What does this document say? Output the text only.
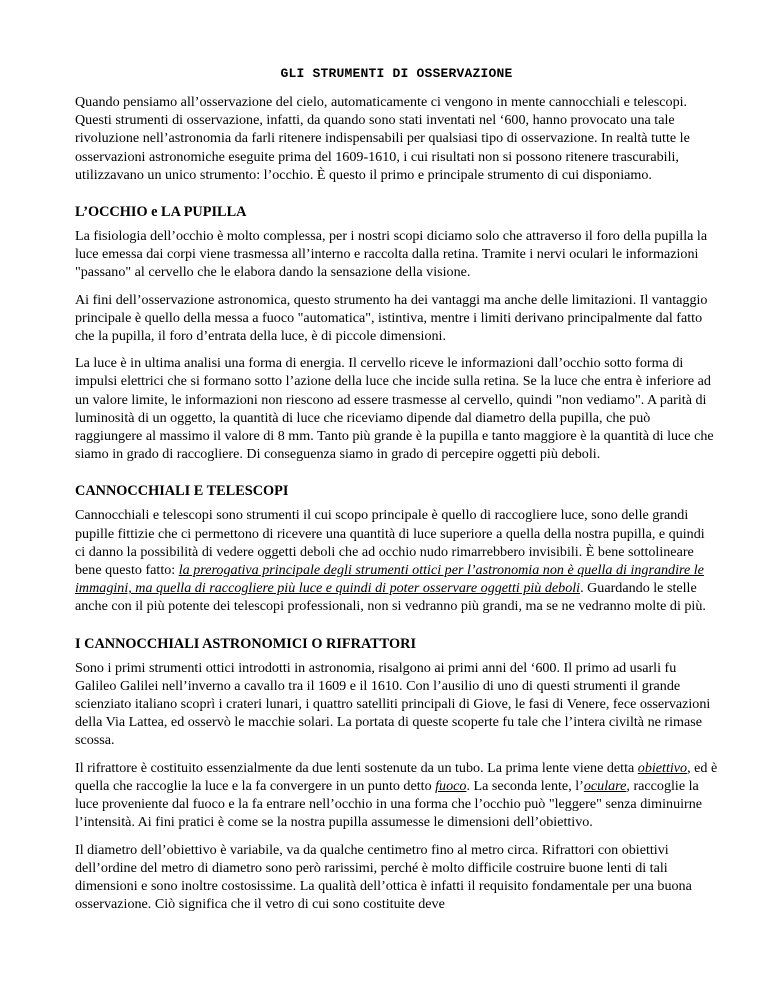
GLI STRUMENTI DI OSSERVAZIONE

Quando pensiamo all’osservazione del cielo, automaticamente ci vengono in mente cannocchiali e telescopi. Questi strumenti di osservazione, infatti, da quando sono stati inventati nel ‘600, hanno provocato una tale rivoluzione nell’astronomia da farli ritenere indispensabili per qualsiasi tipo di osservazione. In realtà tutte le osservazioni astronomiche eseguite prima del 1609-1610, i cui risultati non si possono ritenere trascurabili, utilizzavano un unico strumento: l’occhio. È questo il primo e principale strumento di cui disponiamo.

L’OCCHIO e LA PUPILLA

La fisiologia dell’occhio è molto complessa, per i nostri scopi diciamo solo che attraverso il foro della pupilla la luce emessa dai corpi viene trasmessa all’interno e raccolta dalla retina. Tramite i nervi oculari le informazioni "passano" al cervello che le elabora dando la sensazione della visione.

Ai fini dell’osservazione astronomica, questo strumento ha dei vantaggi ma anche delle limitazioni. Il vantaggio principale è quello della messa a fuoco "automatica", istintiva, mentre i limiti derivano principalmente dal fatto che la pupilla, il foro d’entrata della luce, è di piccole dimensioni.

La luce è in ultima analisi una forma di energia. Il cervello riceve le informazioni dall’occhio sotto forma di impulsi elettrici che si formano sotto l’azione della luce che incide sulla retina. Se la luce che entra è inferiore ad un valore limite, le informazioni non riescono ad essere trasmesse al cervello, quindi "non vediamo". A parità di luminosità di un oggetto, la quantità di luce che riceviamo dipende dal diametro della pupilla, che può raggiungere al massimo il valore di 8 mm. Tanto più grande è la pupilla e tanto maggiore è la quantità di luce che siamo in grado di raccogliere. Di conseguenza siamo in grado di percepire oggetti più deboli.

CANNOCCHIALI E TELESCOPI

Cannocchiali e telescopi sono strumenti il cui scopo principale è quello di raccogliere luce, sono delle grandi pupille fittizie che ci permettono di ricevere una quantità di luce superiore a quella della nostra pupilla, e quindi ci danno la possibilità di vedere oggetti deboli che ad occhio nudo rimarrebbero invisibili. È bene sottolineare bene questo fatto: la prerogativa principale degli strumenti ottici per l’astronomia non è quella di ingrandire le immagini, ma quella di raccogliere più luce e quindi di poter osservare oggetti più deboli. Guardando le stelle anche con il più potente dei telescopi professionali, non si vedranno più grandi, ma se ne vedranno molte di più.

I CANNOCCHIALI ASTRONOMICI O RIFRATTORI

Sono i primi strumenti ottici introdotti in astronomia, risalgono ai primi anni del ‘600. Il primo ad usarli fu Galileo Galilei nell’inverno a cavallo tra il 1609 e il 1610. Con l’ausilio di uno di questi strumenti il grande scienziato italiano scoprì i crateri lunari, i quattro satelliti principali di Giove, le fasi di Venere, fece osservazioni della Via Lattea, ed osservò le macchie solari. La portata di queste scoperte fu tale che l’intera civiltà ne rimase scossa.

Il rifrattore è costituito essenzialmente da due lenti sostenute da un tubo. La prima lente viene detta obiettivo, ed è quella che raccoglie la luce e la fa convergere in un punto detto fuoco. La seconda lente, l’oculare, raccoglie la luce proveniente dal fuoco e la fa entrare nell’occhio in una forma che l’occhio può "leggere" senza diminuirne l’intensità. Ai fini pratici è come se la nostra pupilla assumesse le dimensioni dell’obiettivo.

Il diametro dell’obiettivo è variabile, va da qualche centimetro fino al metro circa. Rifrattori con obiettivi dell’ordine del metro di diametro sono però rarissimi, perché è molto difficile costruire buone lenti di tali dimensioni e sono inoltre costosissime. La qualità dell’ottica è infatti il requisito fondamentale per una buona osservazione. Ciò significa che il vetro di cui sono costituite deve
